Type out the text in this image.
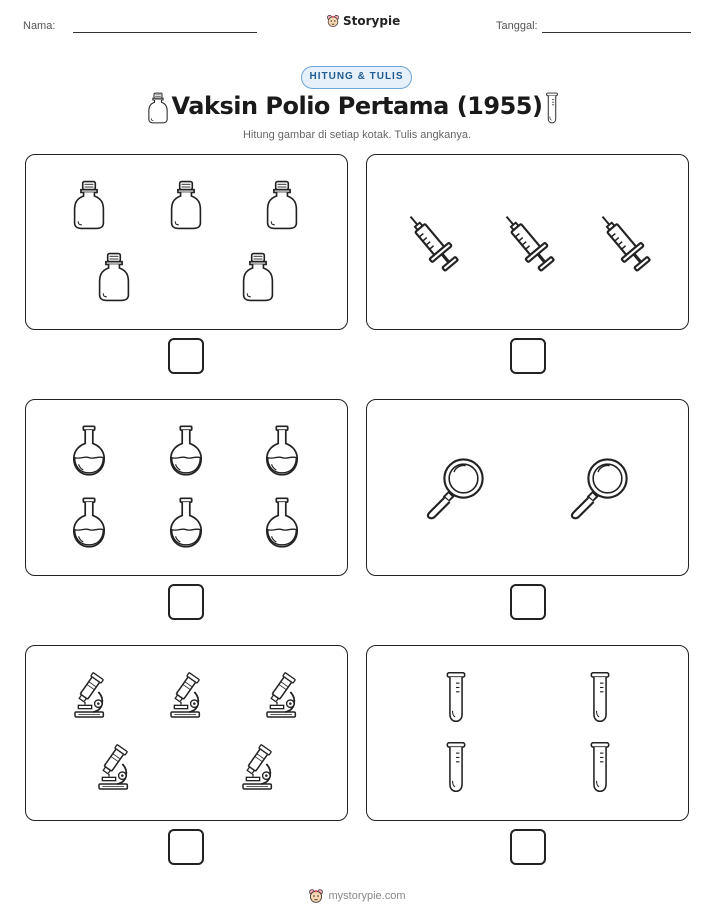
Nama:	Storypie	Tanggal:
HITUNG & TULIS
Vaksin Polio Pertama (1955)
Hitung gambar di setiap kotak. Tulis angkanya.
mystorypie.com
